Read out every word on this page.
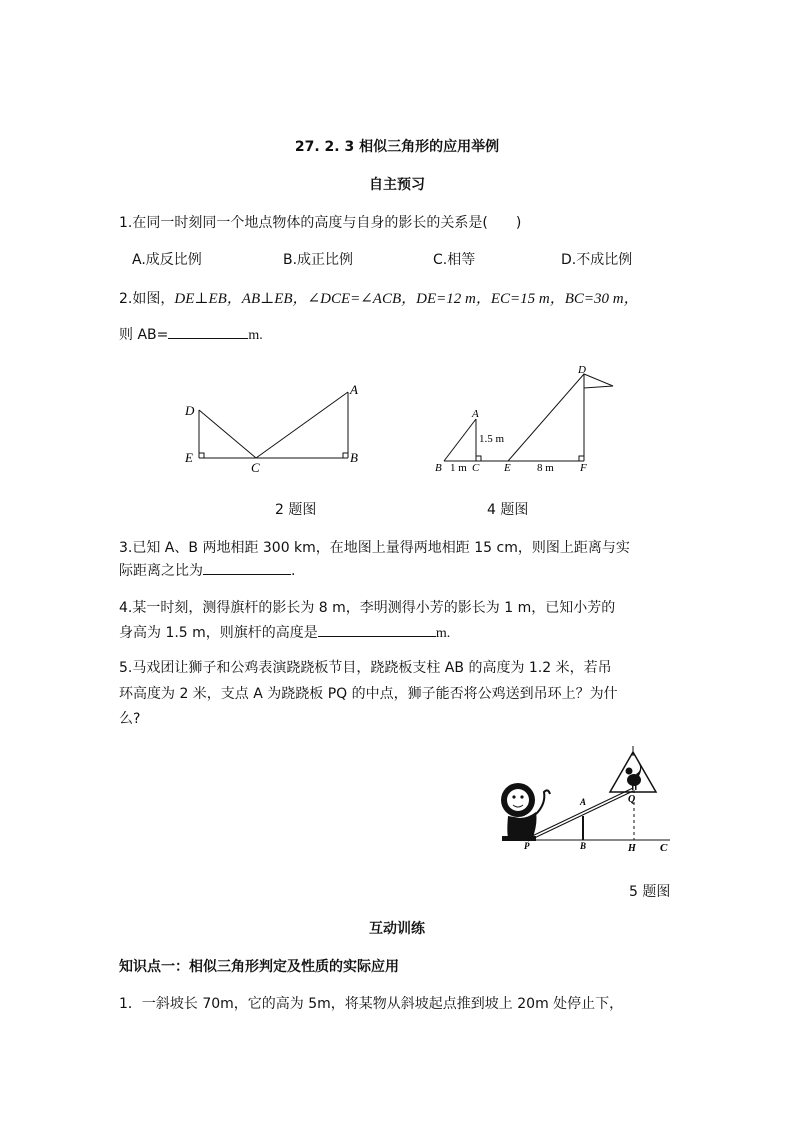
27. 2. 3 相似三角形的应用举例
自主预习
1.在同一时刻同一个地点物体的高度与自身的影长的关系是(　　)
A.成反比例	B.成正比例	C.相等	D.不成比例
2.如图，DE⊥EB，AB⊥EB，∠DCE=∠ACB，DE=12 m，EC=15 m，BC=30 m，
则 AB=	m.
D
E
C
A
B
A
1.5 m
B 1 m C E 8 m F
D
2 题图	4 题图
3.已知 A、B 两地相距 300 km，在地图上量得两地相距 15 cm，则图上距离与实
际距离之比为	.
4.某一时刻，测得旗杆的影长为 8 m，李明测得小芳的影长为 1 m，已知小芳的
身高为 1.5 m，则旗杆的高度是	m.
5.马戏团让狮子和公鸡表演跷跷板节目，跷跷板支柱 AB 的高度为 1.2 米，若吊
环高度为 2 米，支点 A 为跷跷板 PQ 的中点，狮子能否将公鸡送到吊环上？为什
么?
A	Q
P	B	H C
5 题图
互动训练
知识点一：相似三角形判定及性质的实际应用
1．一斜坡长 70m，它的高为 5m，将某物从斜坡起点推到坡上 20m 处停止下，
